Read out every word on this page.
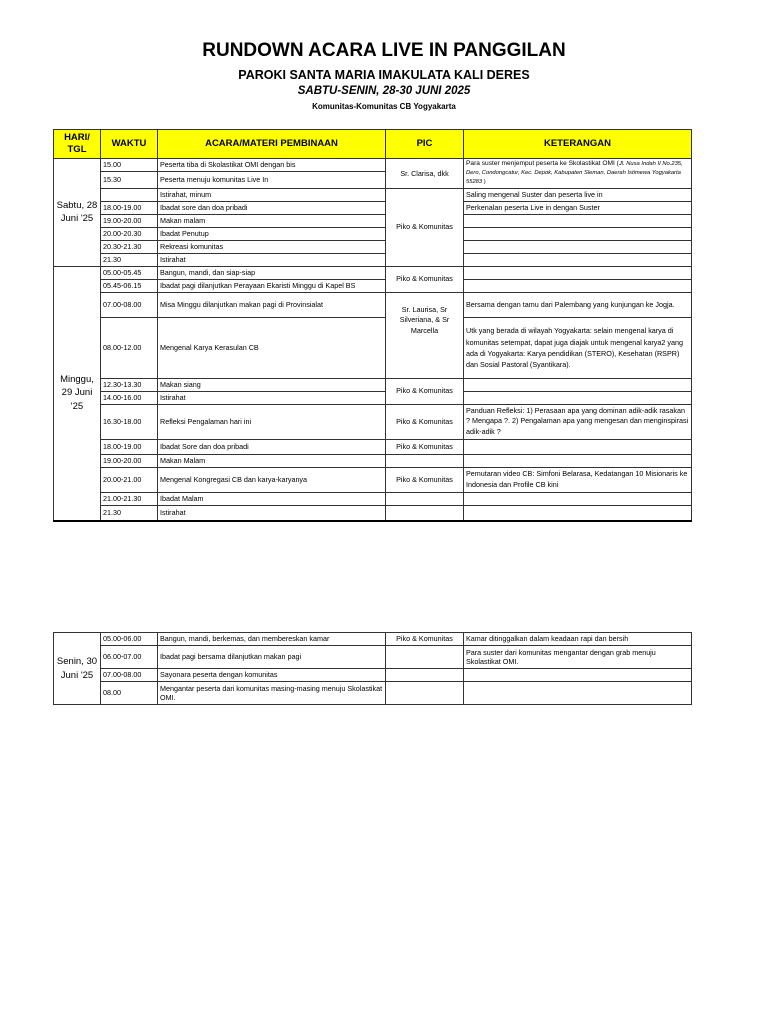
RUNDOWN ACARA LIVE IN PANGGILAN
PAROKI SANTA MARIA IMAKULATA KALI DERES
SABTU-SENIN, 28-30 JUNI 2025
Komunitas-Komunitas CB Yogyakarta
HARI/ TGL	WAKTU	ACARA/MATERI PEMBINAAN	PIC	KETERANGAN
Sabtu, 28 Juni '25	15.00	Peserta tiba di Skolastikat OMI dengan bis	Sr. Clarisa, dkk	Para suster menjemput peserta ke Skolastikat OMI (Jl. Nusa Indah II No.235, Dero, Condongcatur, Kec. Depok, Kabupaten Sleman, Daerah Istimewa Yogyakarta 55283 )
	15.30	Peserta menuju komunitas Live In		
		Istirahat, minum	Piko & Komunitas	Saling mengenal Suster dan peserta live in
	18.00-19.00	Ibadat sore dan doa pribadi		Perkenalan peserta Live in dengan Suster
	19.00-20.00	Makan malam		
	20.00-20.30	Ibadat Penutup		
	20.30-21.30	Rekreasi komunitas		
	21.30	Istirahat		
Minggu, 29 Juni '25	05.00-05.45	Bangun, mandi, dan siap-siap	Piko & Komunitas	
	05.45-06.15	Ibadat pagi dilanjutkan Perayaan Ekaristi Minggu di Kapel BS		
	07.00-08.00	Misa Minggu dilanjutkan makan pagi di Provinsialat	Sr. Laurisa, Sr Silveriana, & Sr Marcella	Bersama dengan tamu dari Palembang yang kunjungan ke Jogja.
	08.00-12.00	Mengenal Karya Kerasulan CB		Utk yang berada di wilayah Yogyakarta: selain mengenal karya di komunitas setempat, dapat juga diajak untuk mengenal karya2 yang ada di Yogyakarta: Karya pendidikan (STERO), Kesehatan (RSPR) dan Sosial Pastoral (Syantikara).
	12.30-13.30	Makan siang	Piko & Komunitas	
	14.00-16.00	Istirahat		
	16.30-18.00	Refleksi Pengalaman hari ini	Piko & Komunitas	Panduan Refleksi: 1) Perasaan apa yang dominan adik-adik rasakan ? Mengapa ?. 2) Pengalaman apa yang mengesan dan menginspirasi adik-adik ?
	18.00-19.00	Ibadat Sore dan doa pribadi	Piko & Komunitas	
	19.00-20.00	Makan Malam		
	20.00-21.00	Mengenal Kongregasi CB dan karya-karyanya	Piko & Komunitas	Pemutaran video CB: Simfoni Belarasa, Kedatangan 10 Misionaris ke Indonesia dan Profile CB kini
	21.00-21.30	Ibadat Malam		
	21.30	Istirahat		
Senin, 30 Juni '25	05.00-06.00	Bangun, mandi, berkemas, dan membereskan kamar	Piko & Komunitas	Kamar ditinggalkan dalam keadaan rapi dan bersih
	06.00-07.00	Ibadat pagi bersama dilanjutkan makan pagi		Para suster dari komunitas mengantar dengan grab menuju Skolastikat OMI.
	07.00-08.00	Sayonara peserta dengan komunitas		
	08.00	Mengantar peserta dari komunitas masing-masing menuju Skolastikat OMI.		
